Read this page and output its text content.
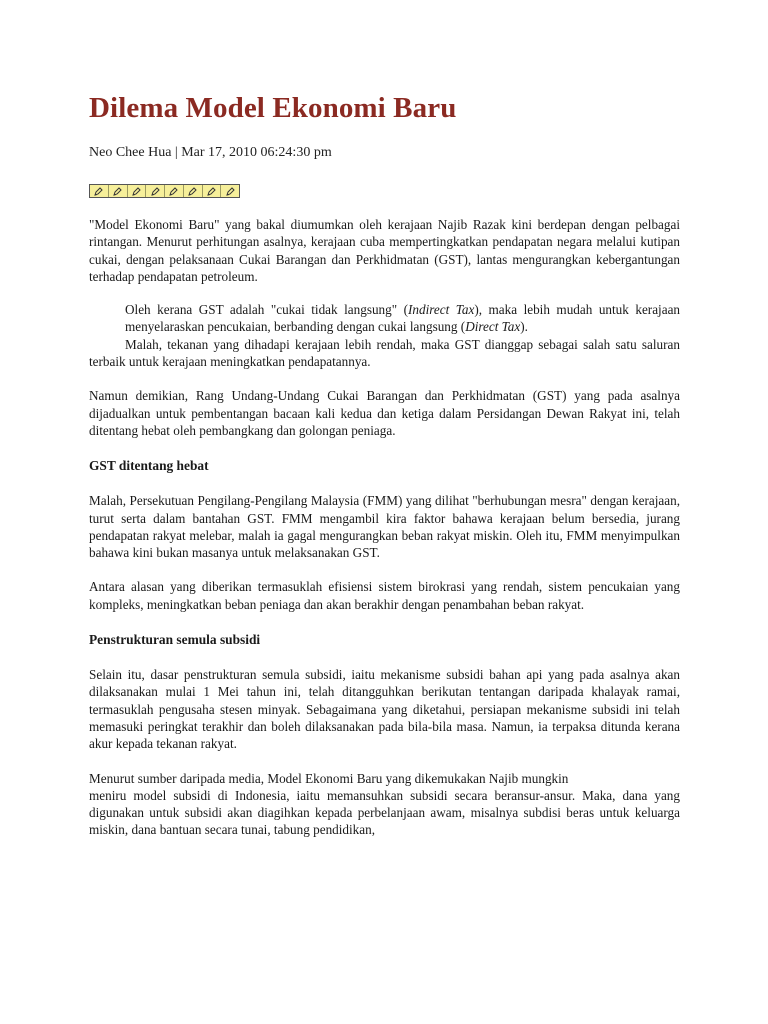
Dilema Model Ekonomi Baru
Neo Chee Hua | Mar 17, 2010 06:24:30 pm

"Model Ekonomi Baru" yang bakal diumumkan oleh kerajaan Najib Razak kini berdepan dengan pelbagai rintangan. Menurut perhitungan asalnya, kerajaan cuba mempertingkatkan pendapatan negara melalui kutipan cukai, dengan pelaksanaan Cukai Barangan dan Perkhidmatan (GST), lantas mengurangkan kebergantungan terhadap pendapatan petroleum.

Oleh kerana GST adalah "cukai tidak langsung" (Indirect Tax), maka lebih mudah untuk kerajaan menyelaraskan pencukaian, berbanding dengan cukai langsung (Direct Tax).

Malah, tekanan yang dihadapi kerajaan lebih rendah, maka GST dianggap sebagai salah satu saluran terbaik untuk kerajaan meningkatkan pendapatannya.

Namun demikian, Rang Undang-Undang Cukai Barangan dan Perkhidmatan (GST) yang pada asalnya dijadualkan untuk pembentangan bacaan kali kedua dan ketiga dalam Persidangan Dewan Rakyat ini, telah ditentang hebat oleh pembangkang dan golongan peniaga.

GST ditentang hebat

Malah, Persekutuan Pengilang-Pengilang Malaysia (FMM) yang dilihat "berhubungan mesra" dengan kerajaan, turut serta dalam bantahan GST. FMM mengambil kira faktor bahawa kerajaan belum bersedia, jurang pendapatan rakyat melebar, malah ia gagal mengurangkan beban rakyat miskin. Oleh itu, FMM menyimpulkan bahawa kini bukan masanya untuk melaksanakan GST.

Antara alasan yang diberikan termasuklah efisiensi sistem birokrasi yang rendah, sistem pencukaian yang kompleks, meningkatkan beban peniaga dan akan berakhir dengan penambahan beban rakyat.

Penstrukturan semula subsidi

Selain itu, dasar penstrukturan semula subsidi, iaitu mekanisme subsidi bahan api yang pada asalnya akan dilaksanakan mulai 1 Mei tahun ini, telah ditangguhkan berikutan tentangan daripada khalayak ramai, termasuklah pengusaha stesen minyak. Sebagaimana yang diketahui, persiapan mekanisme subsidi ini telah memasuki peringkat terakhir dan boleh dilaksanakan pada bila-bila masa. Namun, ia terpaksa ditunda kerana akur kepada tekanan rakyat.

Menurut sumber daripada media, Model Ekonomi Baru yang dikemukakan Najib mungkin
meniru model subsidi di Indonesia, iaitu memansuhkan subsidi secara beransur-ansur. Maka, dana yang digunakan untuk subsidi akan diagihkan kepada perbelanjaan awam, misalnya subdisi beras untuk keluarga miskin, dana bantuan secara tunai, tabung pendidikan,
